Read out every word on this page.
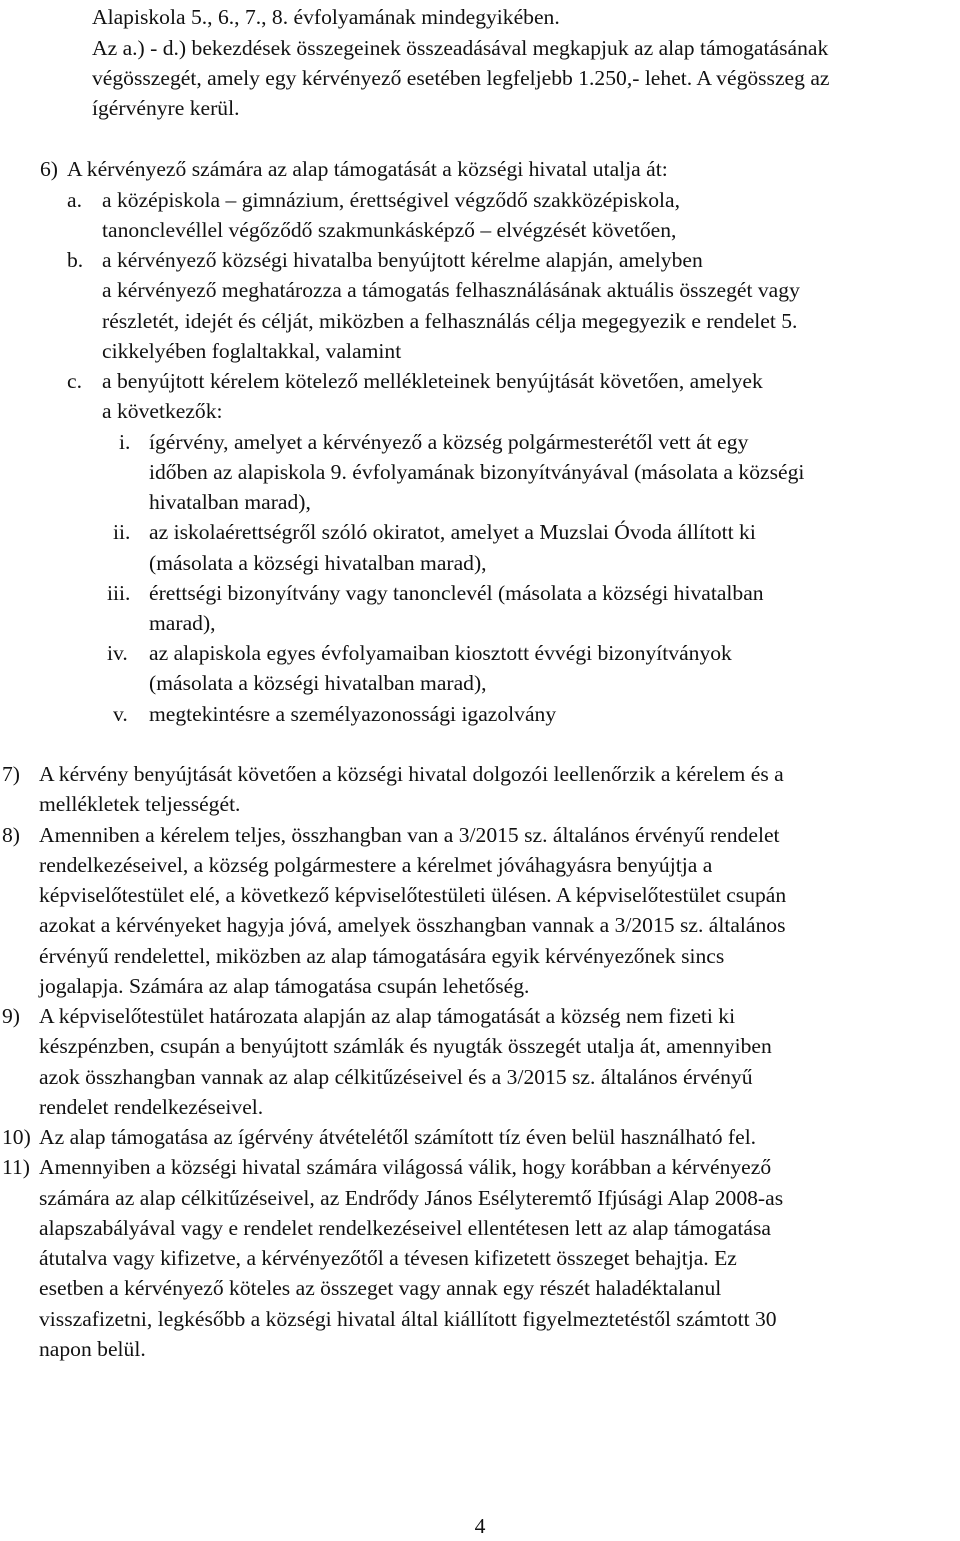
Alapiskola 5., 6., 7., 8. évfolyamának mindegyikében.
Az a.) - d.) bekezdések összegeinek összeadásával megkapjuk az alap támogatásának
végösszegét, amely egy kérvényező esetében legfeljebb 1.250,- lehet. A végösszeg az
ígérvényre kerül.
6) A kérvényező számára az alap támogatását a községi hivatal utalja át:
a. a középiskola – gimnázium, érettségivel végződő szakközépiskola,
tanonclevéllel végőződő szakmunkásképző – elvégzését követően,
b. a kérvényező községi hivatalba benyújtott kérelme alapján, amelyben
a kérvényező meghatározza a támogatás felhasználásának aktuális összegét vagy
részletét, idejét és célját, miközben a felhasználás célja megegyezik e rendelet 5.
cikkelyében foglaltakkal, valamint
c. a benyújtott kérelem kötelező mellékleteinek benyújtását követően, amelyek
a következők:
i. ígérvény, amelyet a kérvényező a község polgármesterétől vett át egy
időben az alapiskola 9. évfolyamának bizonyítványával (másolata a községi
hivatalban marad),
ii. az iskolaérettségről szóló okiratot, amelyet a Muzslai Óvoda állított ki
(másolata a községi hivatalban marad),
iii. érettségi bizonyítvány vagy tanonclevél (másolata a községi hivatalban
marad),
iv. az alapiskola egyes évfolyamaiban kiosztott évvégi bizonyítványok
(másolata a községi hivatalban marad),
v. megtekintésre a személyazonossági igazolvány
7) A kérvény benyújtását követően a községi hivatal dolgozói leellenőrzik a kérelem és a
mellékletek teljességét.
8) Amenniben a kérelem teljes, összhangban van a 3/2015 sz. általános érvényű rendelet
rendelkezéseivel, a község polgármestere a kérelmet jóváhagyásra benyújtja a
képviselőtestület elé, a következő képviselőtestületi ülésen. A képviselőtestület csupán
azokat a kérvényeket hagyja jóvá, amelyek összhangban vannak a 3/2015 sz. általános
érvényű rendelettel, miközben az alap támogatására egyik kérvényezőnek sincs
jogalapja. Számára az alap támogatása csupán lehetőség.
9) A képviselőtestület határozata alapján az alap támogatását a község nem fizeti ki
készpénzben, csupán a benyújtott számlák és nyugták összegét utalja át, amennyiben
azok összhangban vannak az alap célkitűzéseivel és a 3/2015 sz. általános érvényű
rendelet rendelkezéseivel.
10) Az alap támogatása az ígérvény átvételétől számított tíz éven belül használható fel.
11) Amennyiben a községi hivatal számára világossá válik, hogy korábban a kérvényező
számára az alap célkitűzéseivel, az Endrődy János Esélyteremtő Ifjúsági Alap 2008-as
alapszabályával vagy e rendelet rendelkezéseivel ellentétesen lett az alap támogatása
átutalva vagy kifizetve, a kérvényezőtől a tévesen kifizetett összeget behajtja. Ez
esetben a kérvényező köteles az összeget vagy annak egy részét haladéktalanul
visszafizetni, legkésőbb a községi hivatal által kiállított figyelmeztetéstől számtott 30
napon belül.
4
